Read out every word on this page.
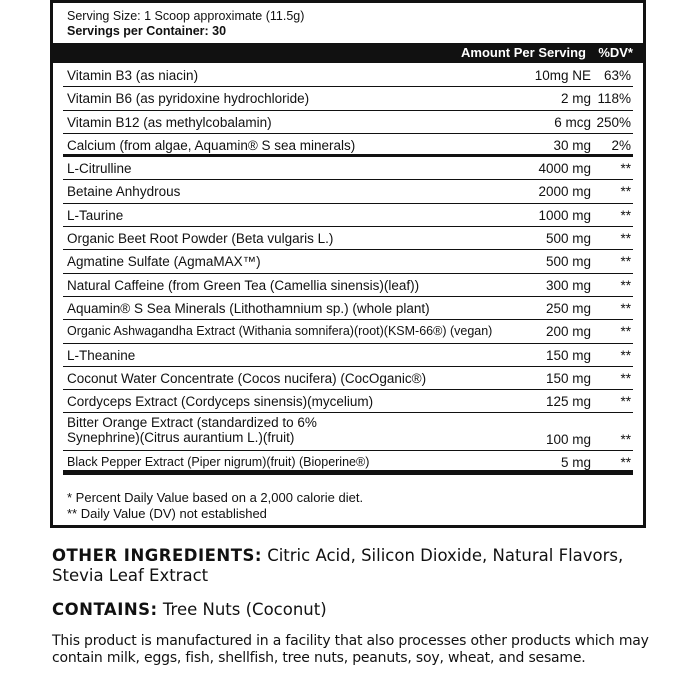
Serving Size: 1 Scoop approximate (11.5g)
Servings per Container: 30
Amount Per Serving %DV*
Vitamin B3 (as niacin)	10mg NE 63%
Vitamin B6 (as pyridoxine hydrochloride)	2 mg 118%
Vitamin B12 (as methylcobalamin)	6 mcg 250%
Calcium (from algae, Aquamin® S sea minerals)	30 mg 2%
L-Citrulline	4000 mg **
Betaine Anhydrous	2000 mg **
L-Taurine	1000 mg **
Organic Beet Root Powder (Beta vulgaris L.)	500 mg **
Agmatine Sulfate (AgmaMAX™)	500 mg **
Natural Caffeine (from Green Tea (Camellia sinensis)(leaf))	300 mg **
Aquamin® S Sea Minerals (Lithothamnium sp.) (whole plant)	250 mg **
Organic Ashwagandha Extract (Withania somnifera)(root)(KSM-66®) (vegan)	200 mg **
L-Theanine	150 mg **
Coconut Water Concentrate (Cocos nucifera) (CocOganic®)	150 mg **
Cordyceps Extract (Cordyceps sinensis)(mycelium)	125 mg **
Bitter Orange Extract (standardized to 6% Synephrine)(Citrus aurantium L.)(fruit)	100 mg **
Black Pepper Extract (Piper nigrum)(fruit) (Bioperine®)	5 mg **
* Percent Daily Value based on a 2,000 calorie diet.
** Daily Value (DV) not established
OTHER INGREDIENTS: Citric Acid, Silicon Dioxide, Natural Flavors, Stevia Leaf Extract
CONTAINS: Tree Nuts (Coconut)
This product is manufactured in a facility that also processes other products which may contain milk, eggs, fish, shellfish, tree nuts, peanuts, soy, wheat, and sesame.
